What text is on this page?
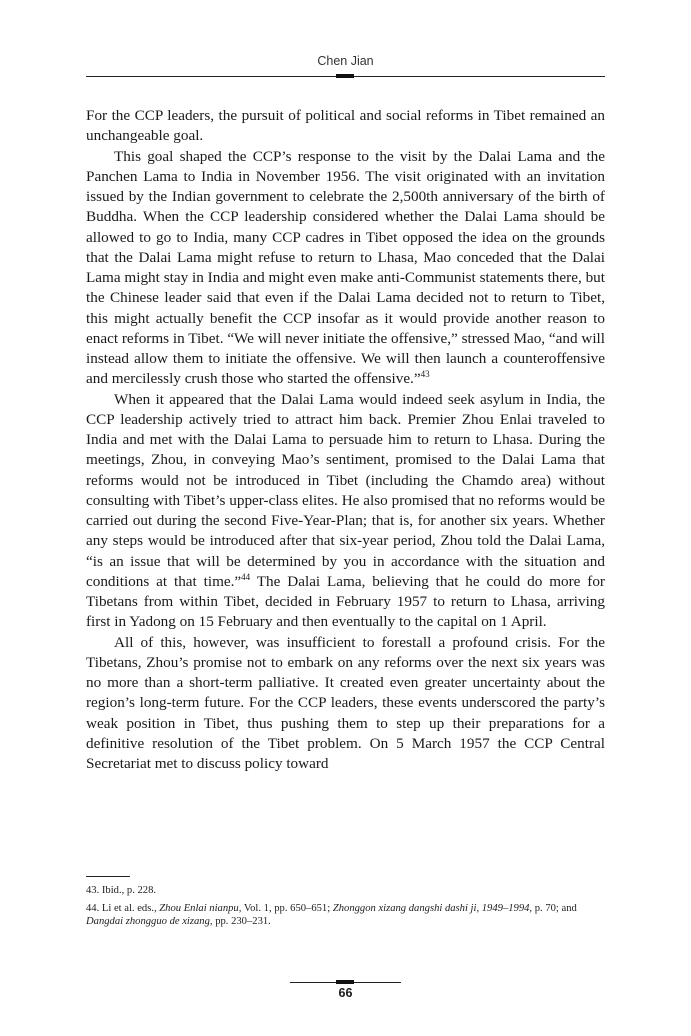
Chen Jian

For the CCP leaders, the pursuit of political and social reforms in Tibet remained an unchangeable goal.

This goal shaped the CCP’s response to the visit by the Dalai Lama and the Panchen Lama to India in November 1956. The visit originated with an invitation issued by the Indian government to celebrate the 2,500th anniversary of the birth of Buddha. When the CCP leadership considered whether the Dalai Lama should be allowed to go to India, many CCP cadres in Tibet opposed the idea on the grounds that the Dalai Lama might refuse to return to Lhasa, Mao conceded that the Dalai Lama might stay in India and might even make anti-Communist statements there, but the Chinese leader said that even if the Dalai Lama decided not to return to Tibet, this might actually benefit the CCP insofar as it would provide another reason to enact reforms in Tibet. “We will never initiate the offensive,” stressed Mao, “and will instead allow them to initiate the offensive. We will then launch a counteroffensive and mercilessly crush those who started the offensive.”$^{43}$

When it appeared that the Dalai Lama would indeed seek asylum in India, the CCP leadership actively tried to attract him back. Premier Zhou Enlai traveled to India and met with the Dalai Lama to persuade him to return to Lhasa. During the meetings, Zhou, in conveying Mao’s sentiment, promised to the Dalai Lama that reforms would not be introduced in Tibet (including the Chamdo area) without consulting with Tibet’s upper-class elites. He also promised that no reforms would be carried out during the second Five-Year-Plan; that is, for another six years. Whether any steps would be introduced after that six-year period, Zhou told the Dalai Lama, “is an issue that will be determined by you in accordance with the situation and conditions at that time.”$^{44}$ The Dalai Lama, believing that he could do more for Tibetans from within Tibet, decided in February 1957 to return to Lhasa, arriving first in Yadong on 15 February and then eventually to the capital on 1 April.

All of this, however, was insufficient to forestall a profound crisis. For the Tibetans, Zhou’s promise not to embark on any reforms over the next six years was no more than a short-term palliative. It created even greater uncertainty about the region’s long-term future. For the CCP leaders, these events underscored the party’s weak position in Tibet, thus pushing them to step up their preparations for a definitive resolution of the Tibet problem. On 5 March 1957 the CCP Central Secretariat met to discuss policy toward

43. Ibid., p. 228.

44. Li et al. eds., Zhou Enlai nianpu, Vol. 1, pp. 650–651; Zhonggon xizang dangshi dashi ji, 1949–1994, p. 70; and Dangdai zhongguo de xizang, pp. 230–231.

66
